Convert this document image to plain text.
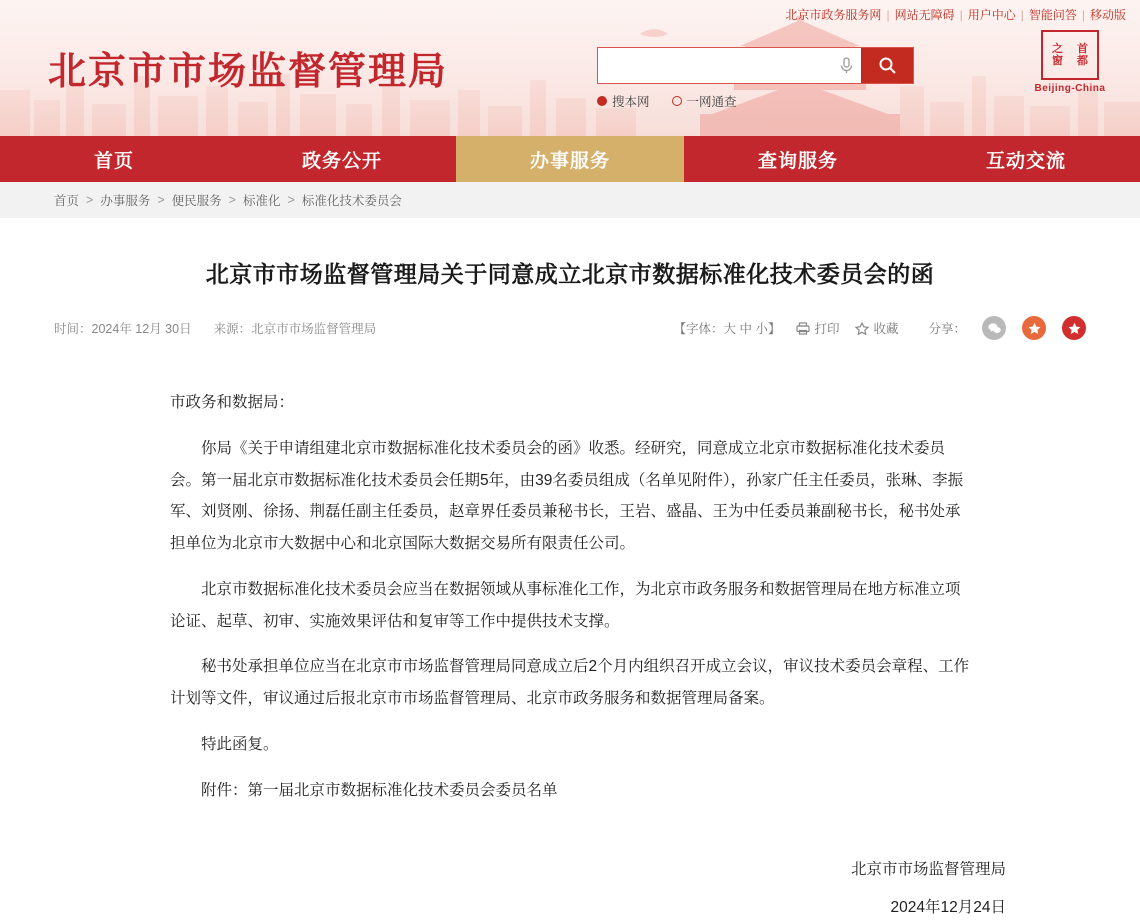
北京市政务服务网 | 网站无障碍 | 用户中心 | 智能问答 | 移动版
北京市市场监督管理局
搜本网	一网通查
之	首
窗	都
Beijing-China
首页	政务公开	办事服务	查询服务	互动交流
首页 > 办事服务 > 便民服务 > 标准化 > 标准化技术委员会
北京市市场监督管理局关于同意成立北京市数据标准化技术委员会的函
时间：2024年 12月 30日 来源：北京市市场监督管理局	【字体：大 中 小】	打印	收藏 分享：

市政务和数据局：

你局《关于申请组建北京市数据标准化技术委员会的函》收悉。经研究，同意成立北京市数据标准化技术委员会。第一届北京市数据标准化技术委员会任期5年，由39名委员组成（名单见附件），孙家广任主任委员，张琳、李振军、刘贤刚、徐扬、荆磊任副主任委员，赵章界任委员兼秘书长，王岩、盛晶、王为中任委员兼副秘书长，秘书处承担单位为北京市大数据中心和北京国际大数据交易所有限责任公司。

北京市数据标准化技术委员会应当在数据领域从事标准化工作，为北京市政务服务和数据管理局在地方标准立项论证、起草、初审、实施效果评估和复审等工作中提供技术支撑。

秘书处承担单位应当在北京市市场监督管理局同意成立后2个月内组织召开成立会议，审议技术委员会章程、工作计划等文件，审议通过后报北京市市场监督管理局、北京市政务服务和数据管理局备案。

特此函复。

附件：第一届北京市数据标准化技术委员会委员名单

北京市市场监督管理局
2024年12月24日
